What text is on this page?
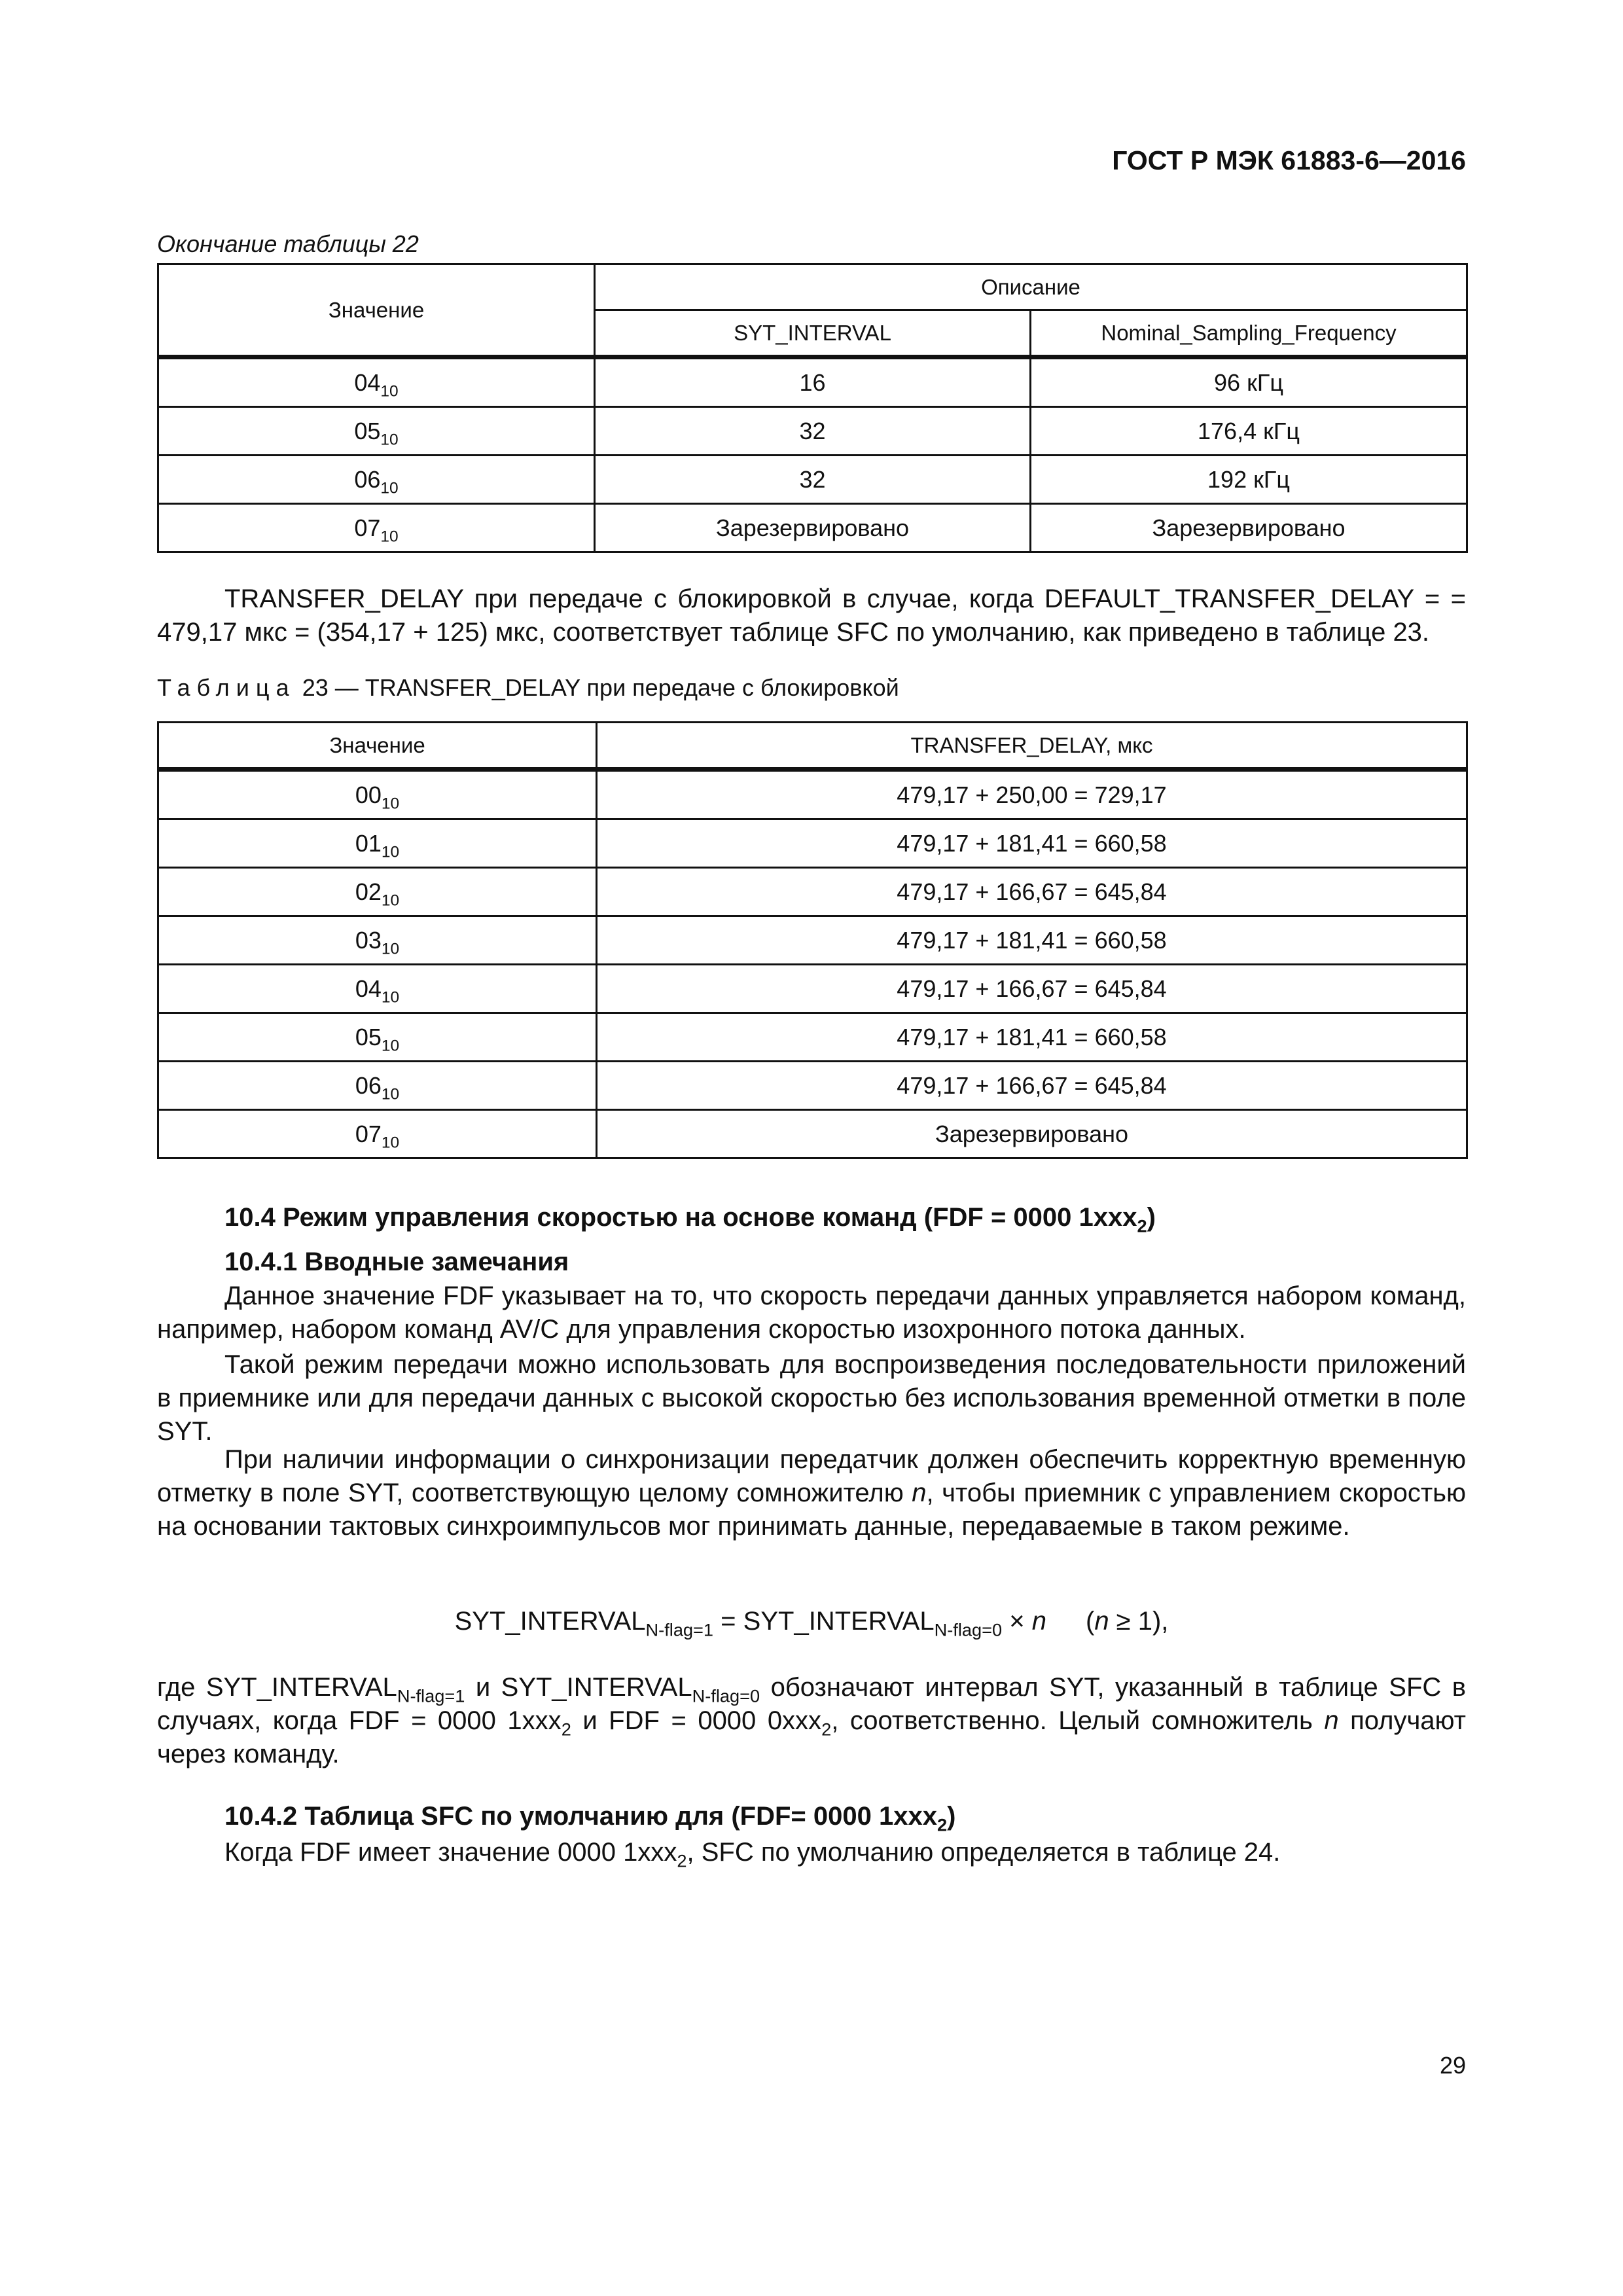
ГОСТ Р МЭК 61883-6—2016
Окончание таблицы 22
Значение	Описание	
	SYT_INTERVAL	Nominal_Sampling_Frequency
$04_{10}$	16	96 кГц
$05_{10}$	32	176,4 кГц
$06_{10}$	32	192 кГц
$07_{10}$	Зарезервировано	Зарезервировано
TRANSFER_DELAY при передаче с блокировкой в случае, когда DEFAULT_TRANSFER_DELAY = = 479,17 мкс = (354,17 + 125) мкс, соответствует таблице SFC по умолчанию, как приведено в таблице 23.
Таблица 23 — TRANSFER_DELAY при передаче с блокировкой
Значение	TRANSFER_DELAY, мкс
$00_{10}$	479,17 + 250,00 = 729,17
$01_{10}$	479,17 + 181,41 = 660,58
$02_{10}$	479,17 + 166,67 = 645,84
$03_{10}$	479,17 + 181,41 = 660,58
$04_{10}$	479,17 + 166,67 = 645,84
$05_{10}$	479,17 + 181,41 = 660,58
$06_{10}$	479,17 + 166,67 = 645,84
$07_{10}$	Зарезервировано
10.4 Режим управления скоростью на основе команд (FDF = 0000 1xxx$_2$)
10.4.1 Вводные замечания
Данное значение FDF указывает на то, что скорость передачи данных управляется набором команд, например, набором команд AV/C для управления скоростью изохронного потока данных.
Такой режим передачи можно использовать для воспроизведения последовательности приложений в приемнике или для передачи данных с высокой скоростью без использования временной отметки в поле SYT.
При наличии информации о синхронизации передатчик должен обеспечить корректную временную отметку в поле SYT, соответствующую целому сомножителю n, чтобы приемник с управлением скоростью на основании тактовых синхроимпульсов мог принимать данные, передаваемые в таком режиме.
$SYT\_INTERVAL_{N-flag=1}$ = $SYT\_INTERVAL_{N-flag=0} \times n$ (n ≥ 1),
где $SYT\_INTERVAL_{N-flag=1}$ и $SYT\_INTERVAL_{N-flag=0}$ обозначают интервал SYT, указанный в таблице SFC в случаях, когда FDF = 0000 1xxx$_2$ и FDF = 0000 0xxx$_2$, соответственно. Целый сомножитель n получают через команду.
10.4.2 Таблица SFC по умолчанию для (FDF= 0000 1xxx$_2$)
Когда FDF имеет значение 0000 1xxx$_2$, SFC по умолчанию определяется в таблице 24.
29
